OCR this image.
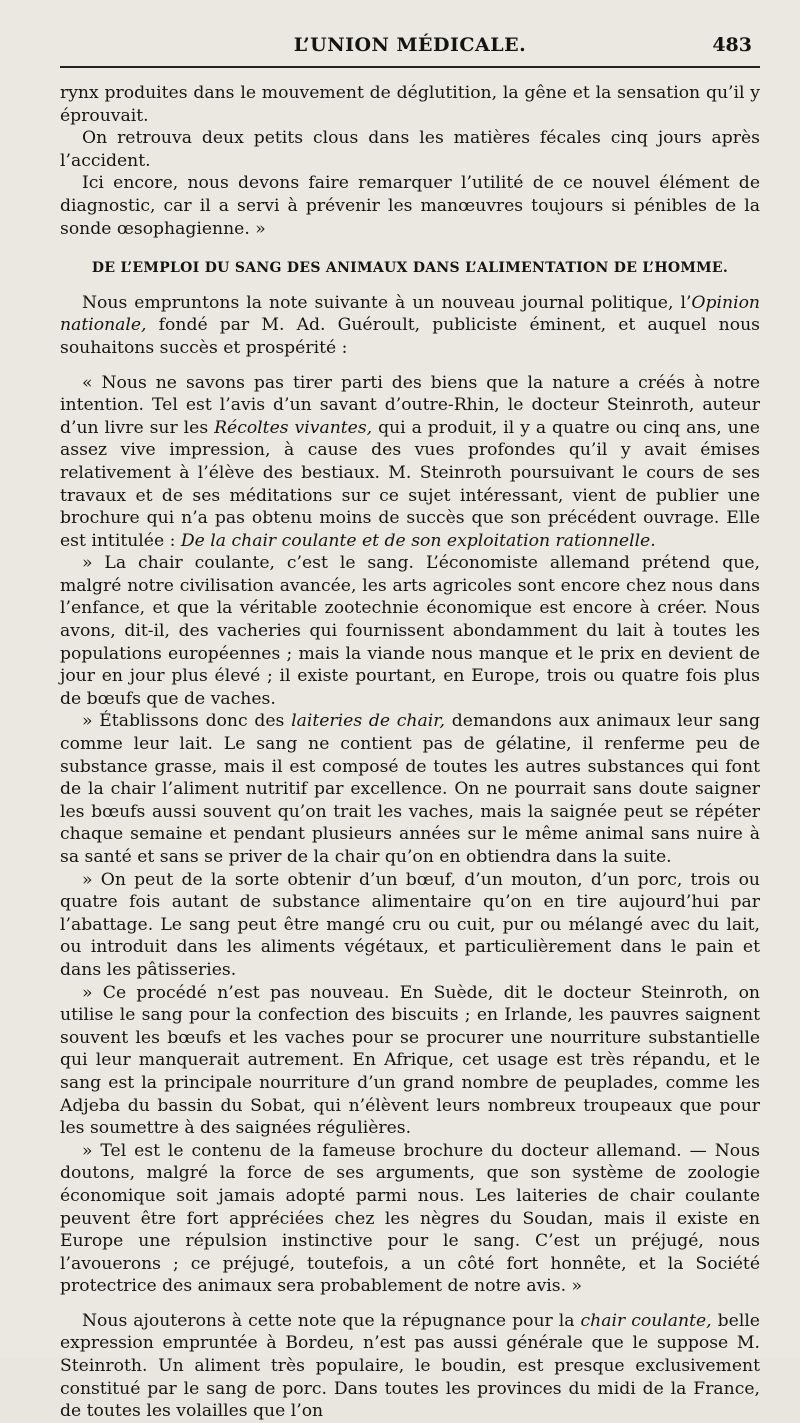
L’UNION MÉDICALE.	483

rynx produites dans le mouvement de déglutition, la gêne et la sensation qu’il y éprouvait.

On retrouva deux petits clous dans les matières fécales cinq jours après l’accident.

Ici encore, nous devons faire remarquer l’utilité de ce nouvel élément de diagnostic, car il a servi à prévenir les manœuvres toujours si pénibles de la sonde œsophagienne. »

DE L’EMPLOI DU SANG DES ANIMAUX DANS L’ALIMENTATION DE L’HOMME.

Nous empruntons la note suivante à un nouveau journal politique, l’Opinion nationale, fondé par M. Ad. Guéroult, publiciste éminent, et auquel nous souhaitons succès et prospérité :

« Nous ne savons pas tirer parti des biens que la nature a créés à notre intention. Tel est l’avis d’un savant d’outre-Rhin, le docteur Steinroth, auteur d’un livre sur les Récoltes vivantes, qui a produit, il y a quatre ou cinq ans, une assez vive impression, à cause des vues profondes qu’il y avait émises relativement à l’élève des bestiaux. M. Steinroth poursuivant le cours de ses travaux et de ses méditations sur ce sujet intéressant, vient de publier une brochure qui n’a pas obtenu moins de succès que son précédent ouvrage. Elle est intitulée : De la chair coulante et de son exploitation rationnelle.

» La chair coulante, c’est le sang. L’économiste allemand prétend que, malgré notre civilisation avancée, les arts agricoles sont encore chez nous dans l’enfance, et que la véritable zootechnie économique est encore à créer. Nous avons, dit-il, des vacheries qui fournissent abondamment du lait à toutes les populations européennes ; mais la viande nous manque et le prix en devient de jour en jour plus élevé ; il existe pourtant, en Europe, trois ou quatre fois plus de bœufs que de vaches.

» Établissons donc des laiteries de chair, demandons aux animaux leur sang comme leur lait. Le sang ne contient pas de gélatine, il renferme peu de substance grasse, mais il est composé de toutes les autres substances qui font de la chair l’aliment nutritif par excellence. On ne pourrait sans doute saigner les bœufs aussi souvent qu’on trait les vaches, mais la saignée peut se répéter chaque semaine et pendant plusieurs années sur le même animal sans nuire à sa santé et sans se priver de la chair qu’on en obtiendra dans la suite.

» On peut de la sorte obtenir d’un bœuf, d’un mouton, d’un porc, trois ou quatre fois autant de substance alimentaire qu’on en tire aujourd’hui par l’abattage. Le sang peut être mangé cru ou cuit, pur ou mélangé avec du lait, ou introduit dans les aliments végétaux, et particulièrement dans le pain et dans les pâtisseries.

» Ce procédé n’est pas nouveau. En Suède, dit le docteur Steinroth, on utilise le sang pour la confection des biscuits ; en Irlande, les pauvres saignent souvent les bœufs et les vaches pour se procurer une nourriture substantielle qui leur manquerait autrement. En Afrique, cet usage est très répandu, et le sang est la principale nourriture d’un grand nombre de peuplades, comme les Adjeba du bassin du Sobat, qui n’élèvent leurs nombreux troupeaux que pour les soumettre à des saignées régulières.

» Tel est le contenu de la fameuse brochure du docteur allemand. — Nous doutons, malgré la force de ses arguments, que son système de zoologie économique soit jamais adopté parmi nous. Les laiteries de chair coulante peuvent être fort appréciées chez les nègres du Soudan, mais il existe en Europe une répulsion instinctive pour le sang. C’est un préjugé, nous l’avouerons ; ce préjugé, toutefois, a un côté fort honnête, et la Société protectrice des animaux sera probablement de notre avis. »

Nous ajouterons à cette note que la répugnance pour la chair coulante, belle expression empruntée à Bordeu, n’est pas aussi générale que le suppose M. Steinroth. Un aliment très populaire, le boudin, est presque exclusivement constitué par le sang de porc. Dans toutes les provinces du midi de la France, de toutes les volailles que l’on
